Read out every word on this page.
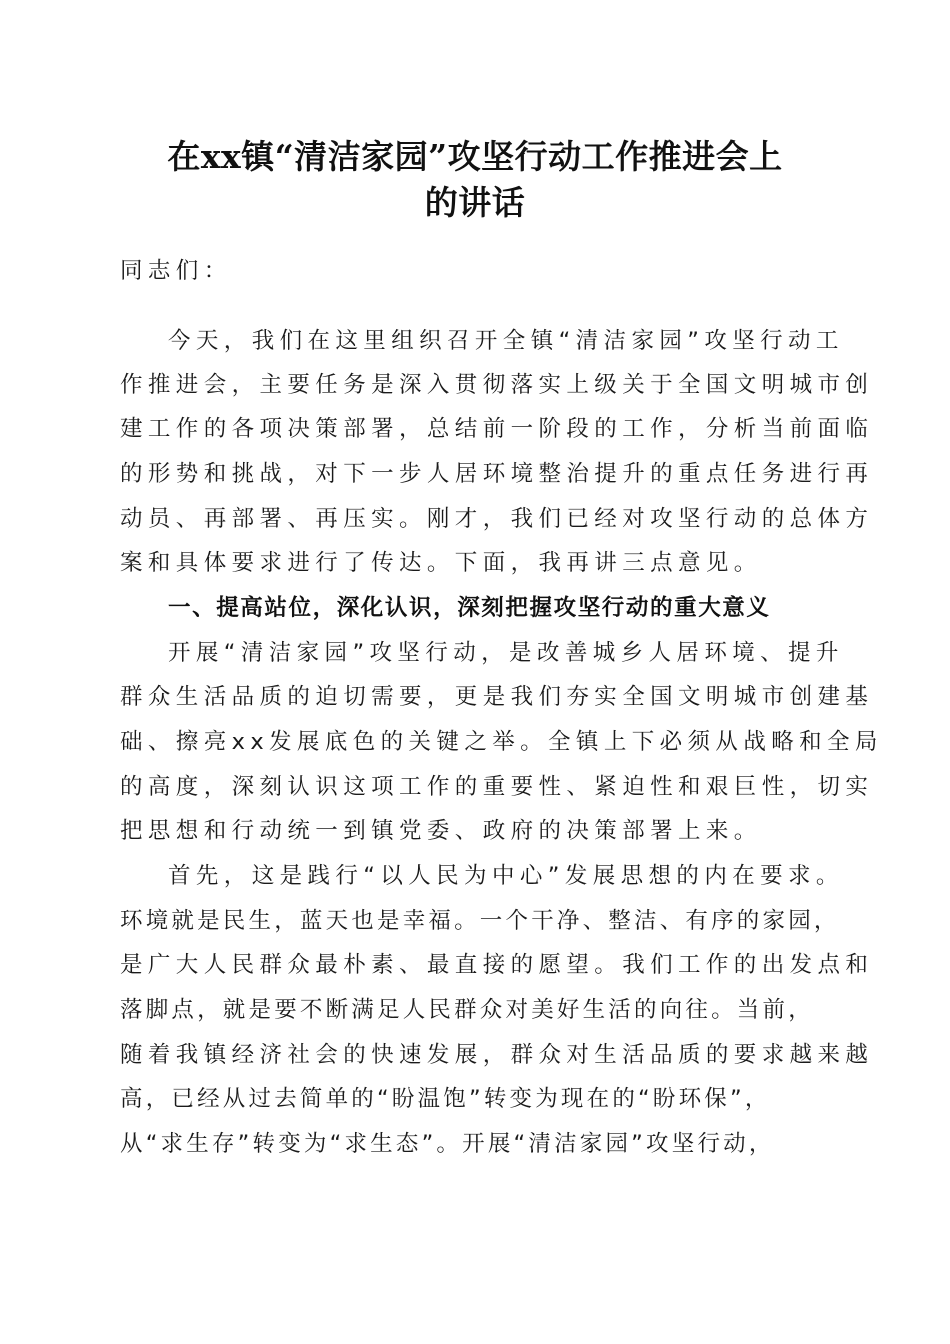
在xx镇“清洁家园”攻坚行动工作推进会上
的讲话
同志们：
今天，我们在这里组织召开全镇“清洁家园”攻坚行动工
作推进会，主要任务是深入贯彻落实上级关于全国文明城市创
建工作的各项决策部署，总结前一阶段的工作，分析当前面临
的形势和挑战，对下一步人居环境整治提升的重点任务进行再
动员、再部署、再压实。刚才，我们已经对攻坚行动的总体方
案和具体要求进行了传达。下面，我再讲三点意见。
一、提高站位，深化认识，深刻把握攻坚行动的重大意义
开展“清洁家园”攻坚行动，是改善城乡人居环境、提升
群众生活品质的迫切需要，更是我们夯实全国文明城市创建基
础、擦亮xx发展底色的关键之举。全镇上下必须从战略和全局
的高度，深刻认识这项工作的重要性、紧迫性和艰巨性，切实
把思想和行动统一到镇党委、政府的决策部署上来。
首先，这是践行“以人民为中心”发展思想的内在要求。
环境就是民生，蓝天也是幸福。一个干净、整洁、有序的家园，
是广大人民群众最朴素、最直接的愿望。我们工作的出发点和
落脚点，就是要不断满足人民群众对美好生活的向往。当前，
随着我镇经济社会的快速发展，群众对生活品质的要求越来越
高，已经从过去简单的“盼温饱”转变为现在的“盼环保”，
从“求生存”转变为“求生态”。开展“清洁家园”攻坚行动，
